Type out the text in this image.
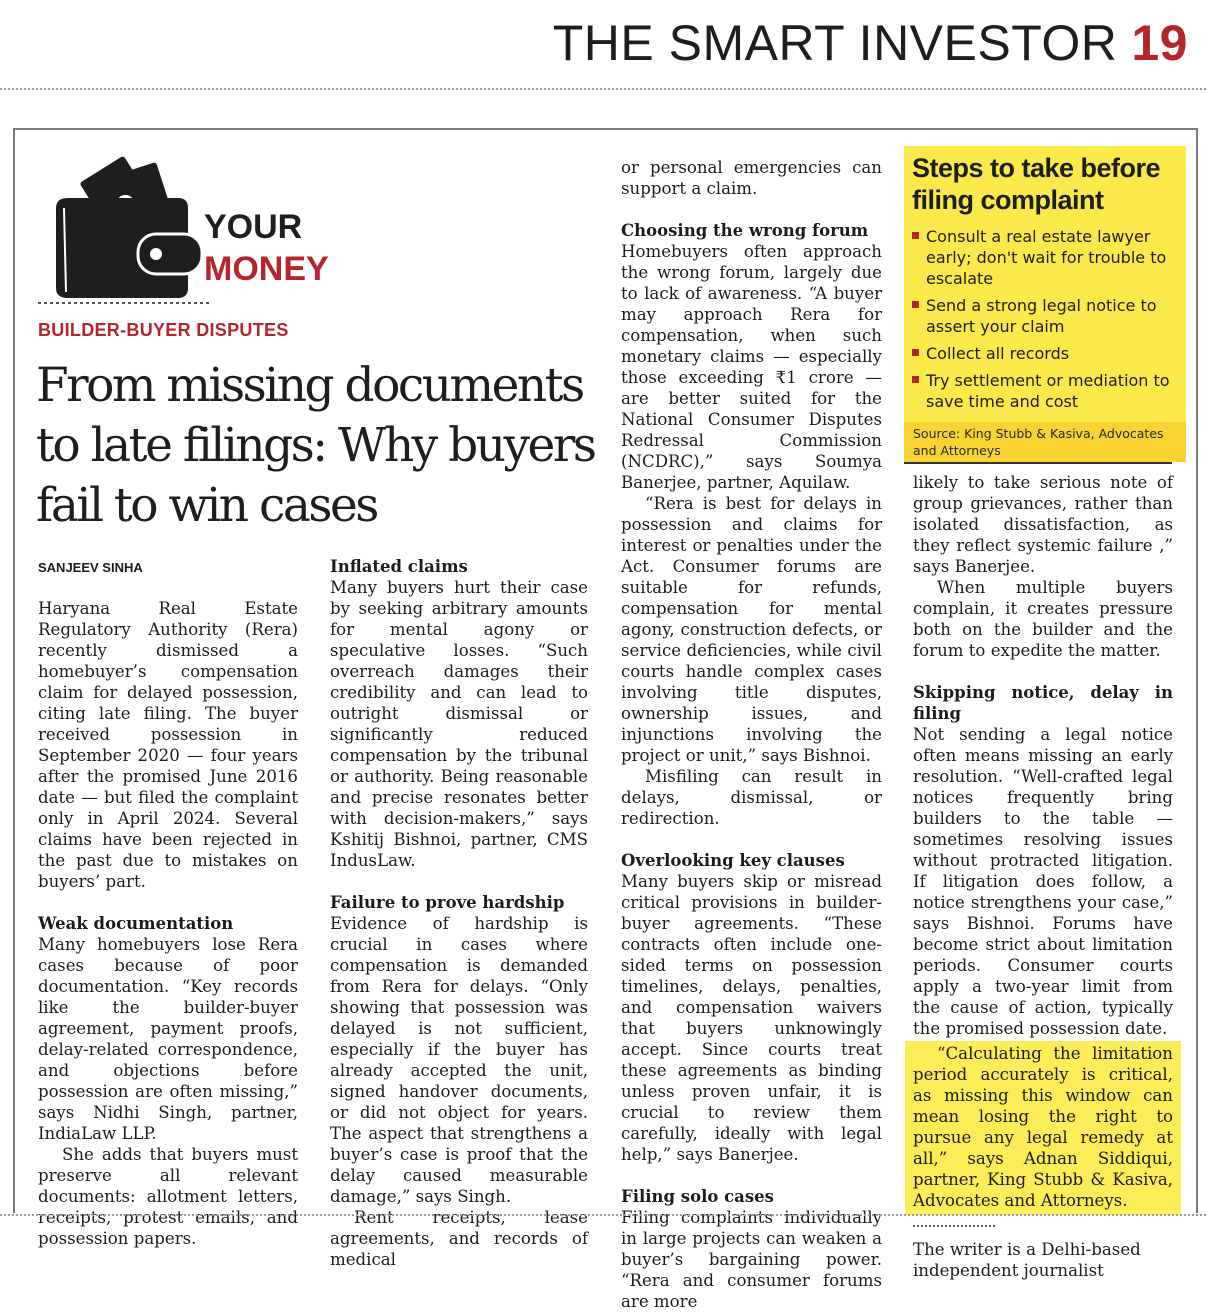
THE SMART INVESTOR 19
YOUR
MONEY
BUILDER-BUYER DISPUTES
From missing documents to late filings: Why buyers fail to win cases
SANJEEV SINHA

Haryana Real Estate Regulatory Authority (Rera) recently dismissed a homebuyer’s compensation claim for delayed possession, citing late filing. The buyer received possession in September 2020 — four years after the promised June 2016 date — but filed the complaint only in April 2024. Several claims have been rejected in the past due to mistakes on buyers’ part.

Weak documentation

Many homebuyers lose Rera cases because of poor documentation. “Key records like the builder-buyer agreement, payment proofs, delay-related correspondence, and objections before possession are often missing,” says Nidhi Singh, partner, IndiaLaw LLP.

She adds that buyers must preserve all relevant documents: allotment letters, receipts, protest emails, and possession papers.

Inflated claims

Many buyers hurt their case by seeking arbitrary amounts for mental agony or speculative losses. “Such overreach damages their credibility and can lead to outright dismissal or significantly reduced compensation by the tribunal or authority. Being reasonable and precise resonates better with decision-makers,” says Kshitij Bishnoi, partner, CMS IndusLaw.

Failure to prove hardship

Evidence of hardship is crucial in cases where compensation is demanded from Rera for delays. “Only showing that possession was delayed is not sufficient, especially if the buyer has already accepted the unit, signed handover documents, or did not object for years. The aspect that strengthens a buyer’s case is proof that the delay caused measurable damage,” says Singh.

Rent receipts, lease agreements, and records of medical

or personal emergencies can support a claim.

Choosing the wrong forum

Homebuyers often approach the wrong forum, largely due to lack of awareness. “A buyer may approach Rera for compensation, when such monetary claims — especially those exceeding ₹1 crore — are better suited for the National Consumer Disputes Redressal Commission (NCDRC),” says Soumya Banerjee, partner, Aquilaw.

“Rera is best for delays in possession and claims for interest or penalties under the Act. Consumer forums are suitable for refunds, compensation for mental agony, construction defects, or service deficiencies, while civil courts handle complex cases involving title disputes, ownership issues, and injunctions involving the project or unit,” says Bishnoi.

Misfiling can result in delays, dismissal, or redirection.

Overlooking key clauses

Many buyers skip or misread critical provisions in builder-buyer agreements. “These contracts often include one-sided terms on possession timelines, delays, penalties, and compensation waivers that buyers unknowingly accept. Since courts treat these agreements as binding unless proven unfair, it is crucial to review them carefully, ideally with legal help,” says Banerjee.

Filing solo cases

Filing complaints individually in large projects can weaken a buyer’s bargaining power. “Rera and consumer forums are more

Steps to take before filing complaint
Consult a real estate lawyer early; don't wait for trouble to escalate
Send a strong legal notice to assert your claim
Collect all records
Try settlement or mediation to save time and cost
Source: King Stubb & Kasiva, Advocates and Attorneys

likely to take serious note of group grievances, rather than isolated dissatisfaction, as they reflect systemic failure ,” says Banerjee.

When multiple buyers complain, it creates pressure both on the builder and the forum to expedite the matter.

Skipping notice, delay in filing

Not sending a legal notice often means missing an early resolution. “Well-crafted legal notices frequently bring builders to the table — sometimes resolving issues without protracted litigation. If litigation does follow, a notice strengthens your case,” says Bishnoi. Forums have become strict about limitation periods. Consumer courts apply a two-year limit from the cause of action, typically the promised possession date.

“Calculating the limitation period accurately is critical, as missing this window can mean losing the right to pursue any legal remedy at all,” says Adnan Siddiqui, partner, King Stubb & Kasiva, Advocates and Attorneys.

The writer is a Delhi-based independent journalist
